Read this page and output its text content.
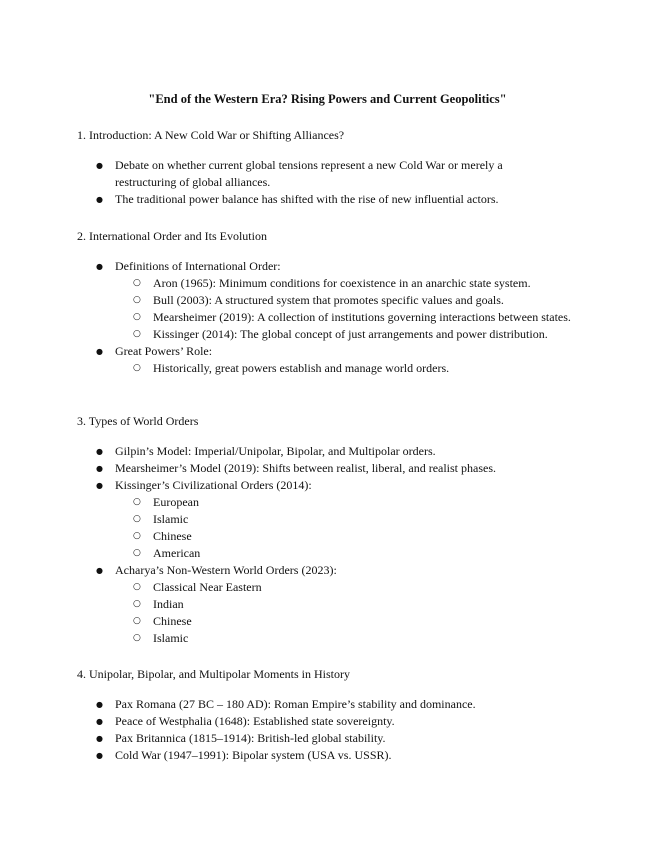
"End of the Western Era? Rising Powers and Current Geopolitics"
1. Introduction: A New Cold War or Shifting Alliances?
● Debate on whether current global tensions represent a new Cold War or merely a restructuring of global alliances.
● The traditional power balance has shifted with the rise of new influential actors.
2. International Order and Its Evolution
● Definitions of International Order:
○ Aron (1965): Minimum conditions for coexistence in an anarchic state system.
○ Bull (2003): A structured system that promotes specific values and goals.
○ Mearsheimer (2019): A collection of institutions governing interactions between states.
○ Kissinger (2014): The global concept of just arrangements and power distribution.
● Great Powers’ Role:
○ Historically, great powers establish and manage world orders.
3. Types of World Orders
● Gilpin’s Model: Imperial/Unipolar, Bipolar, and Multipolar orders.
● Mearsheimer’s Model (2019): Shifts between realist, liberal, and realist phases.
● Kissinger’s Civilizational Orders (2014):
○ European
○ Islamic
○ Chinese
○ American
● Acharya’s Non-Western World Orders (2023):
○ Classical Near Eastern
○ Indian
○ Chinese
○ Islamic
4. Unipolar, Bipolar, and Multipolar Moments in History
● Pax Romana (27 BC – 180 AD): Roman Empire’s stability and dominance.
● Peace of Westphalia (1648): Established state sovereignty.
● Pax Britannica (1815–1914): British-led global stability.
● Cold War (1947–1991): Bipolar system (USA vs. USSR).
